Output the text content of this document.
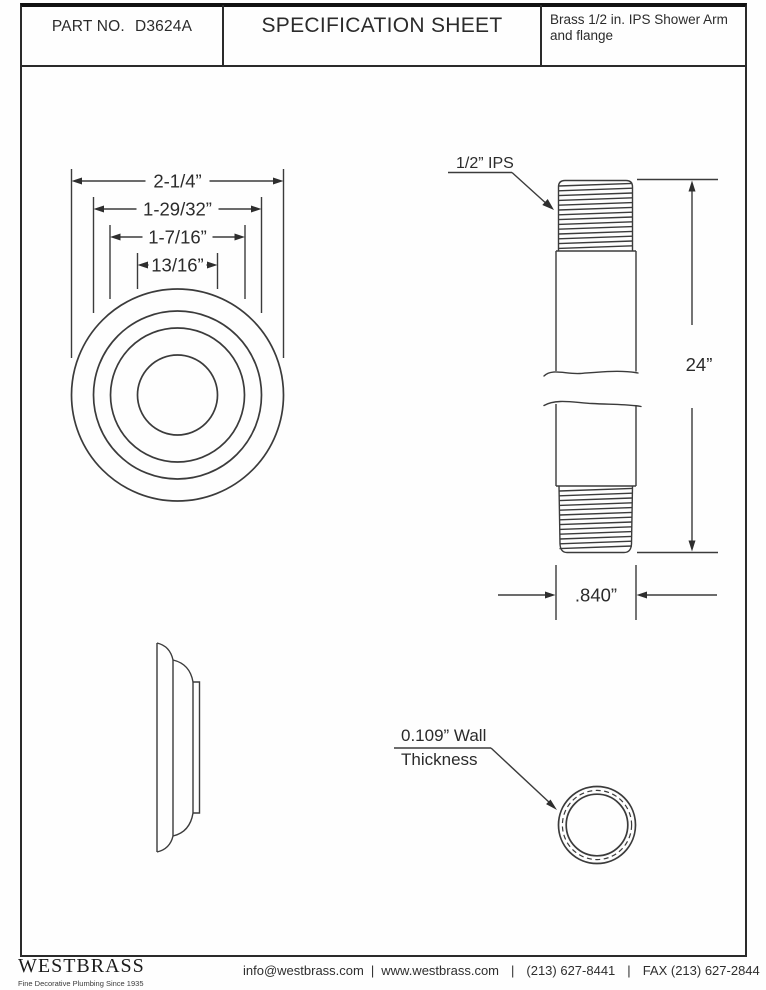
PART NO. D3624A	SPECIFICATION SHEET	Brass 1/2 in. IPS Shower Arm and flange
2-1/4”
1-29/32”
1-7/16”
13/16”
1/2” IPS
24”
.840”
0.109” Wall
Thickness
WESTBRASS
Fine Decorative Plumbing Since 1935
info@westbrass.com | www.westbrass.com | (213) 627-8441 | FAX (213) 627-2844
